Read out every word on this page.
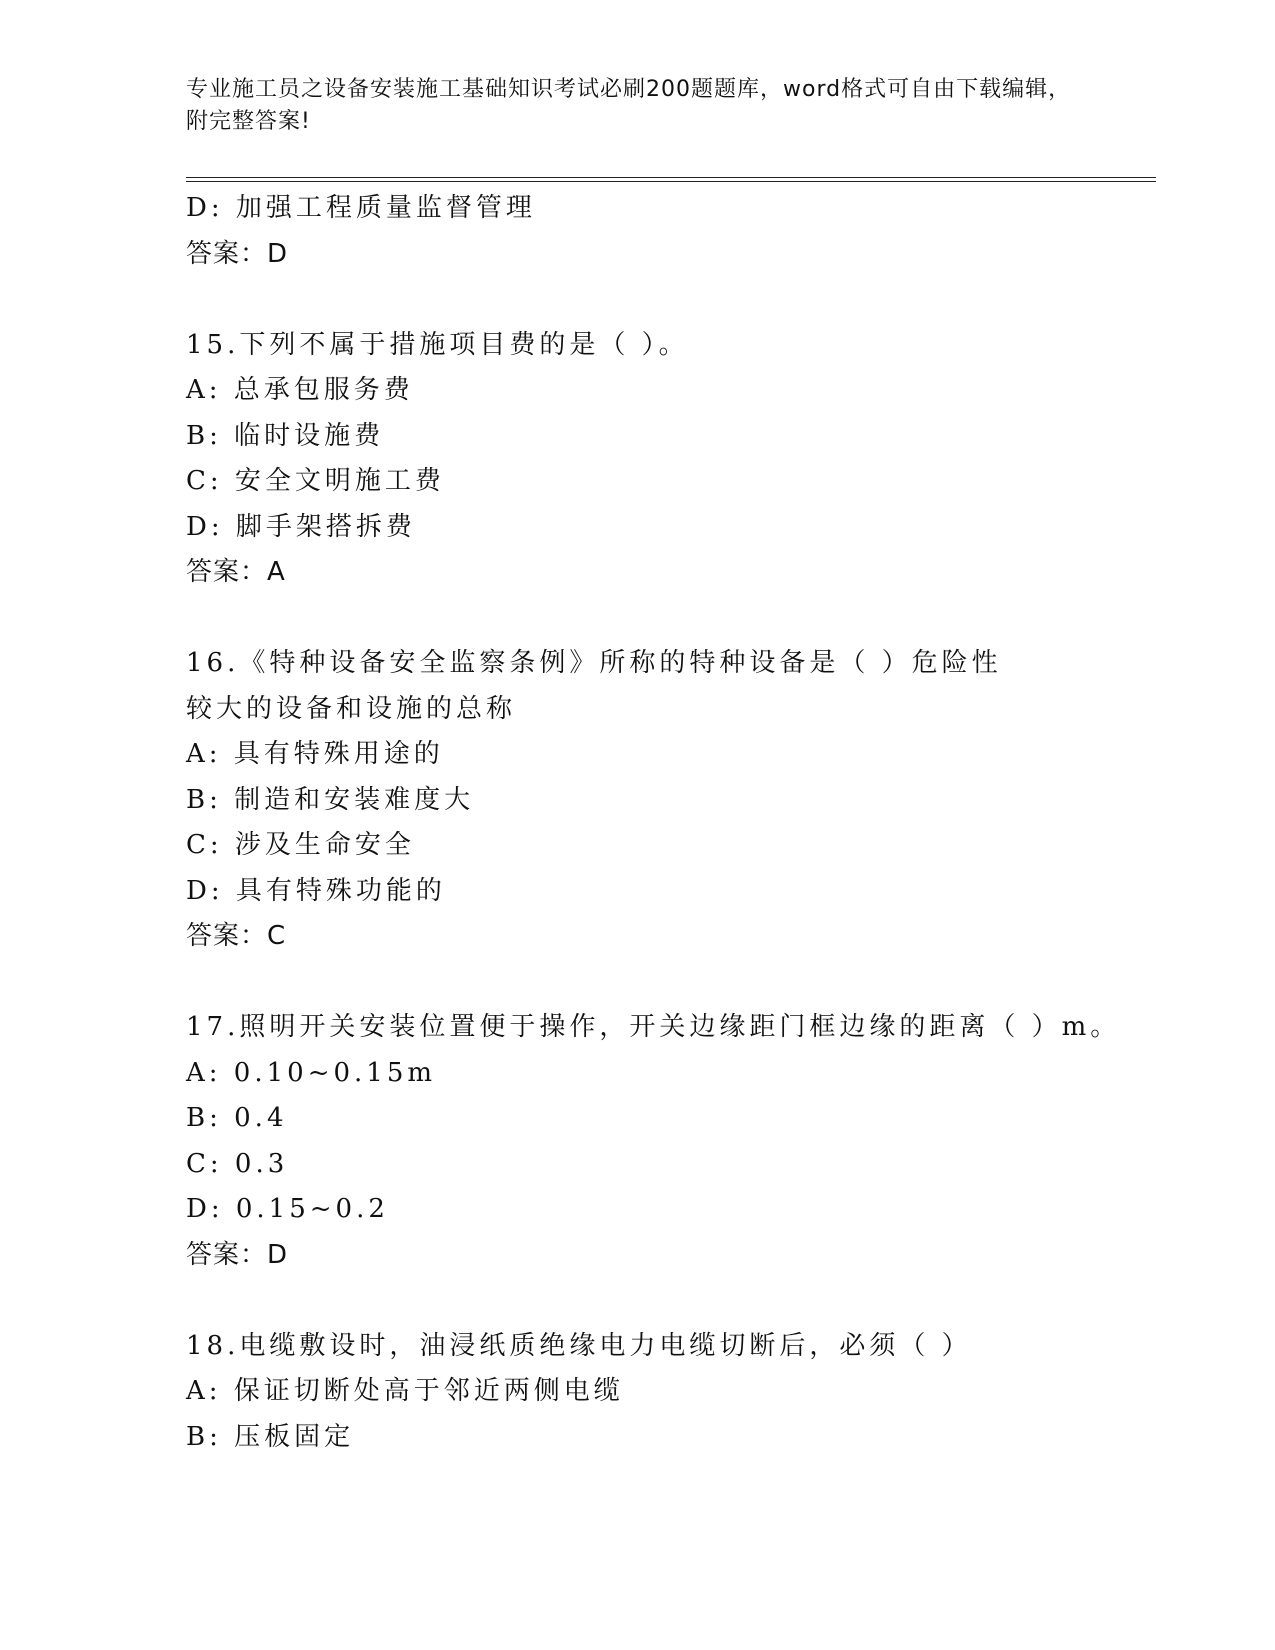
专业施工员之设备安装施工基础知识考试必刷200题题库，word格式可自由下载编辑，附完整答案!
D: 加强工程质量监督管理
答案：D
15.下列不属于措施项目费的是（ ）。
A: 总承包服务费
B: 临时设施费
C: 安全文明施工费
D: 脚手架搭拆费
答案：A
16.《特种设备安全监察条例》所称的特种设备是（ ）危险性较大的设备和设施的总称
A: 具有特殊用途的
B: 制造和安装难度大
C: 涉及生命安全
D: 具有特殊功能的
答案：C
17.照明开关安装位置便于操作，开关边缘距门框边缘的距离（ ）m。
A: 0.10~0.15m
B: 0.4
C: 0.3
D: 0.15~0.2
答案：D
18.电缆敷设时，油浸纸质绝缘电力电缆切断后，必须（ ）
A: 保证切断处高于邻近两侧电缆
B: 压板固定
